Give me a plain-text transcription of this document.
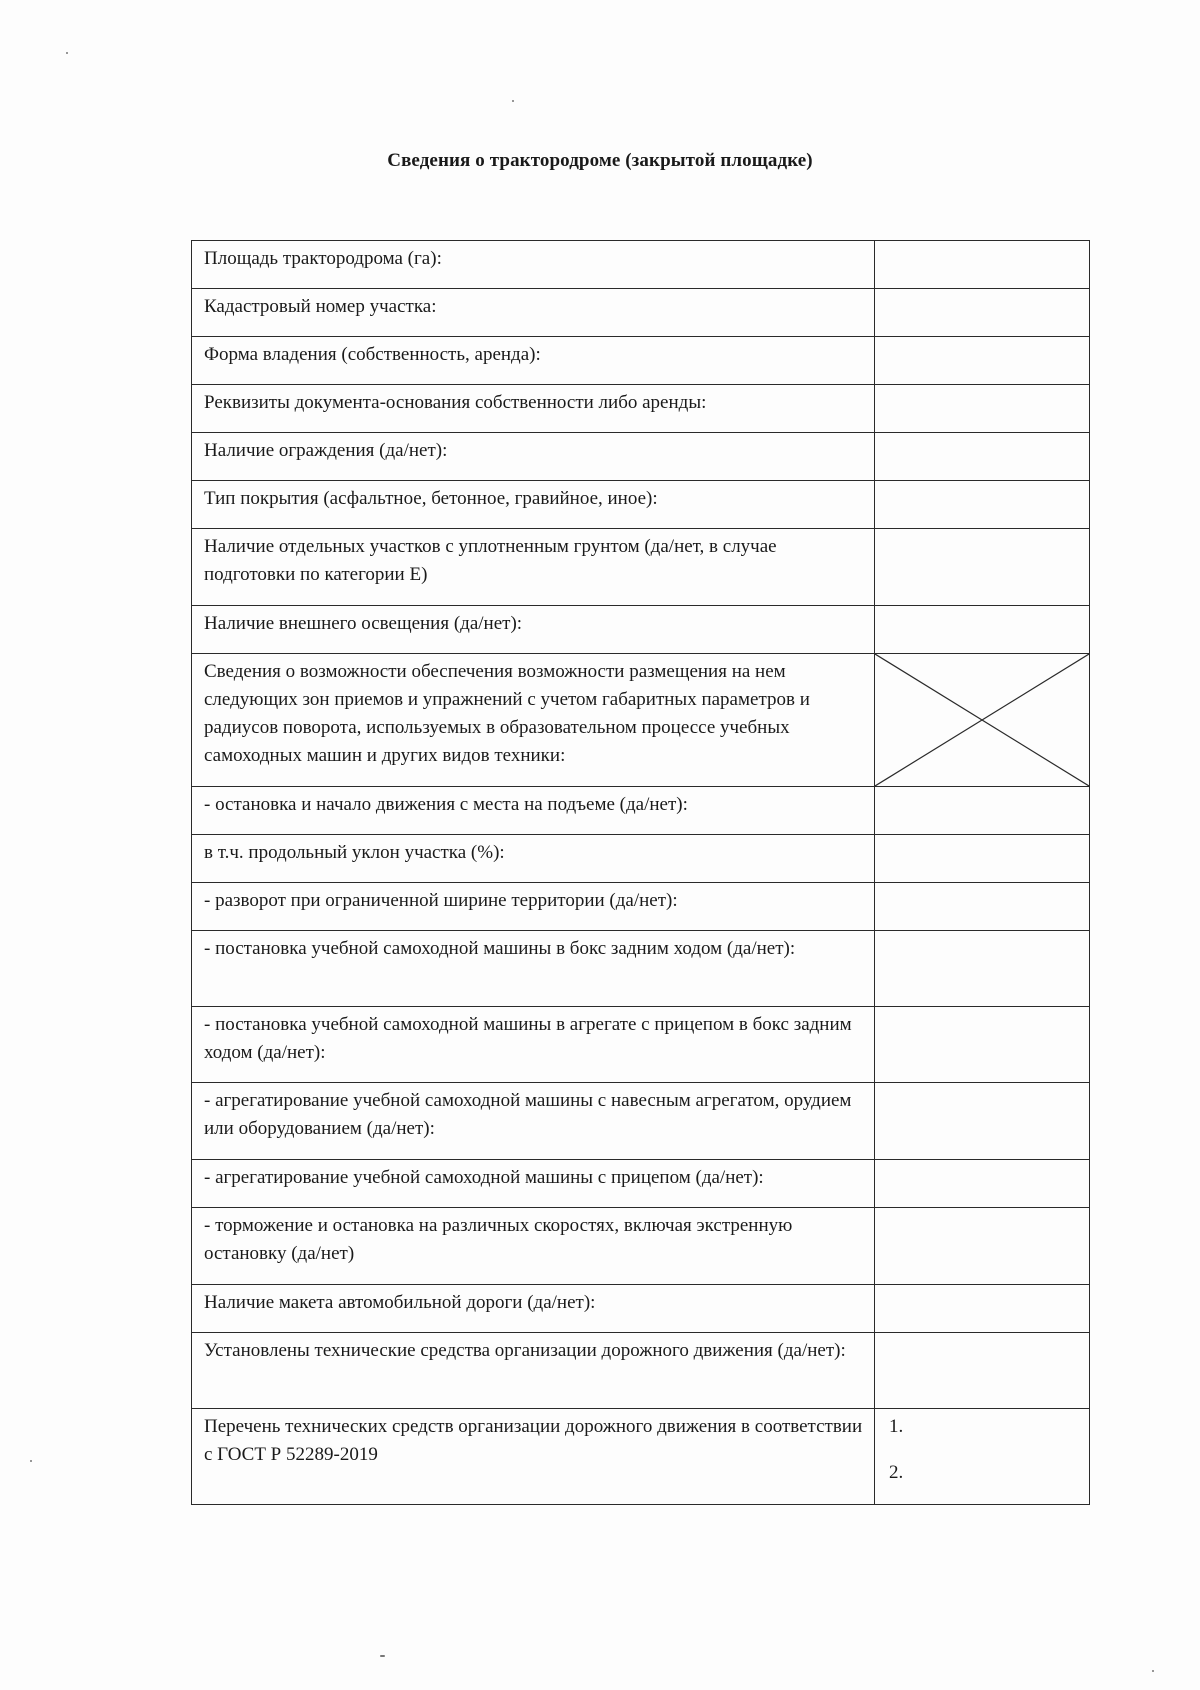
Сведения о трактородроме (закрытой площадке)
Площадь трактородрома (га):	
Кадастровый номер участка:	
Форма владения (собственность, аренда):	
Реквизиты документа-основания собственности либо аренды:	
Наличие ограждения (да/нет):	
Тип покрытия (асфальтное, бетонное, гравийное, иное):	
Наличие отдельных участков с уплотненным грунтом (да/нет, в случае подготовки по категории Е)	
Наличие внешнего освещения (да/нет):	
Сведения о возможности обеспечения возможности размещения на нем следующих зон приемов и упражнений с учетом габаритных параметров и радиусов поворота, используемых в образовательном процессе учебных самоходных машин и других видов техники:	

- остановка и начало движения с места на подъеме (да/нет):	
в т.ч. продольный уклон участка (%):	
- разворот при ограниченной ширине территории (да/нет):	
- постановка учебной самоходной машины в бокс задним ходом (да/нет):	
- постановка учебной самоходной машины в агрегате с прицепом в бокс задним ходом (да/нет):	
- агрегатирование учебной самоходной машины с навесным агрегатом, орудием или оборудованием (да/нет):	
- агрегатирование учебной самоходной машины с прицепом (да/нет):	
- торможение и остановка на различных скоростях, включая экстренную остановку (да/нет)	
Наличие макета автомобильной дороги (да/нет):	
Установлены технические средства организации дорожного движения (да/нет):	
Перечень технических средств организации дорожного движения в соответствии с ГОСТ Р 52289-2019	1.
2.
